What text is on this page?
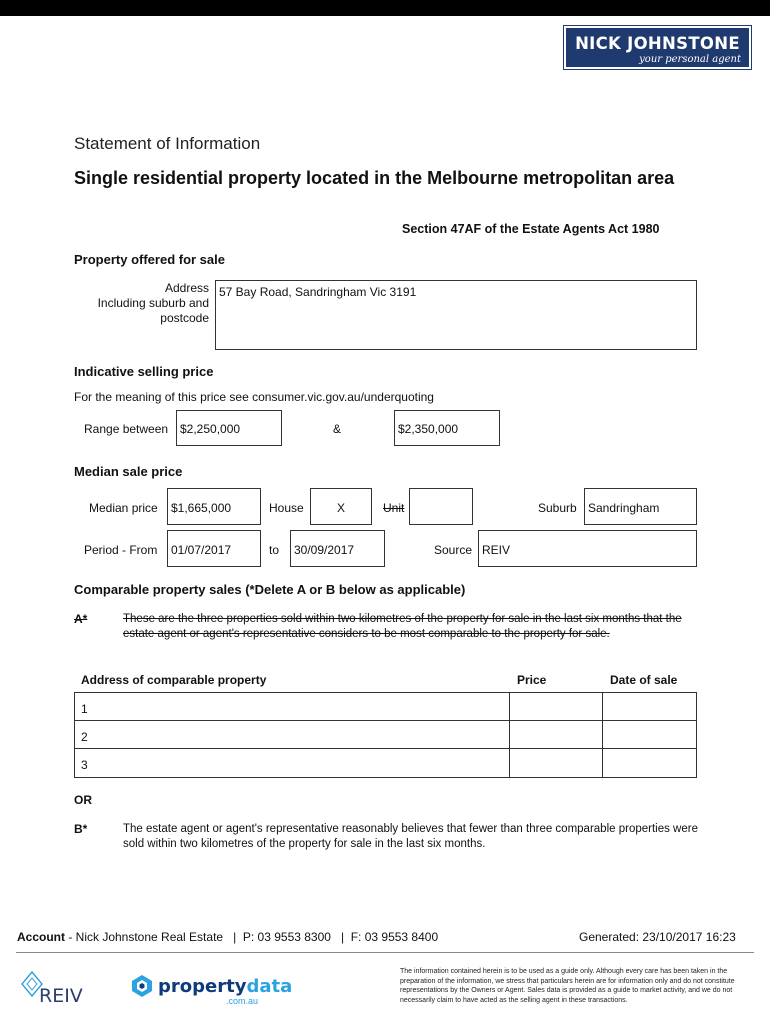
NICK JOHNSTONE
your personal agent
Statement of Information
Single residential property located in the Melbourne metropolitan area
Section 47AF of the Estate Agents Act 1980
Property offered for sale
Address
Including suburb and
postcode
57 Bay Road, Sandringham Vic 3191
Indicative selling price
For the meaning of this price see consumer.vic.gov.au/underquoting
Range between $2,250,000	&	$2,350,000
Median sale price
Median price	$1,665,000	House	X	Unit	Suburb Sandringham
Period - From	01/07/2017	to	30/09/2017	Source REIV
Comparable property sales (*Delete A or B below as applicable)
A*	These are the three properties sold within two kilometres of the property for sale in the last six months that the estate agent or agent's representative considers to be most comparable to the property for sale.
Address of comparable property	Price	Date of sale
1
2
3
OR
B*	The estate agent or agent's representative reasonably believes that fewer than three comparable properties were sold within two kilometres of the property for sale in the last six months.
Account - Nick Johnstone Real Estate   |  P: 03 9553 8300   |  F: 03 9553 8400	Generated: 23/10/2017 16:23
REIV	propertydata
.com.au
The information contained herein is to be used as a guide only. Although every care has been taken in the preparation of the information, we stress that particulars herein are for information only and do not constitute representations by the Owners or Agent. Sales data is provided as a guide to market activity, and we do not necessarily claim to have acted as the selling agent in these transactions.
